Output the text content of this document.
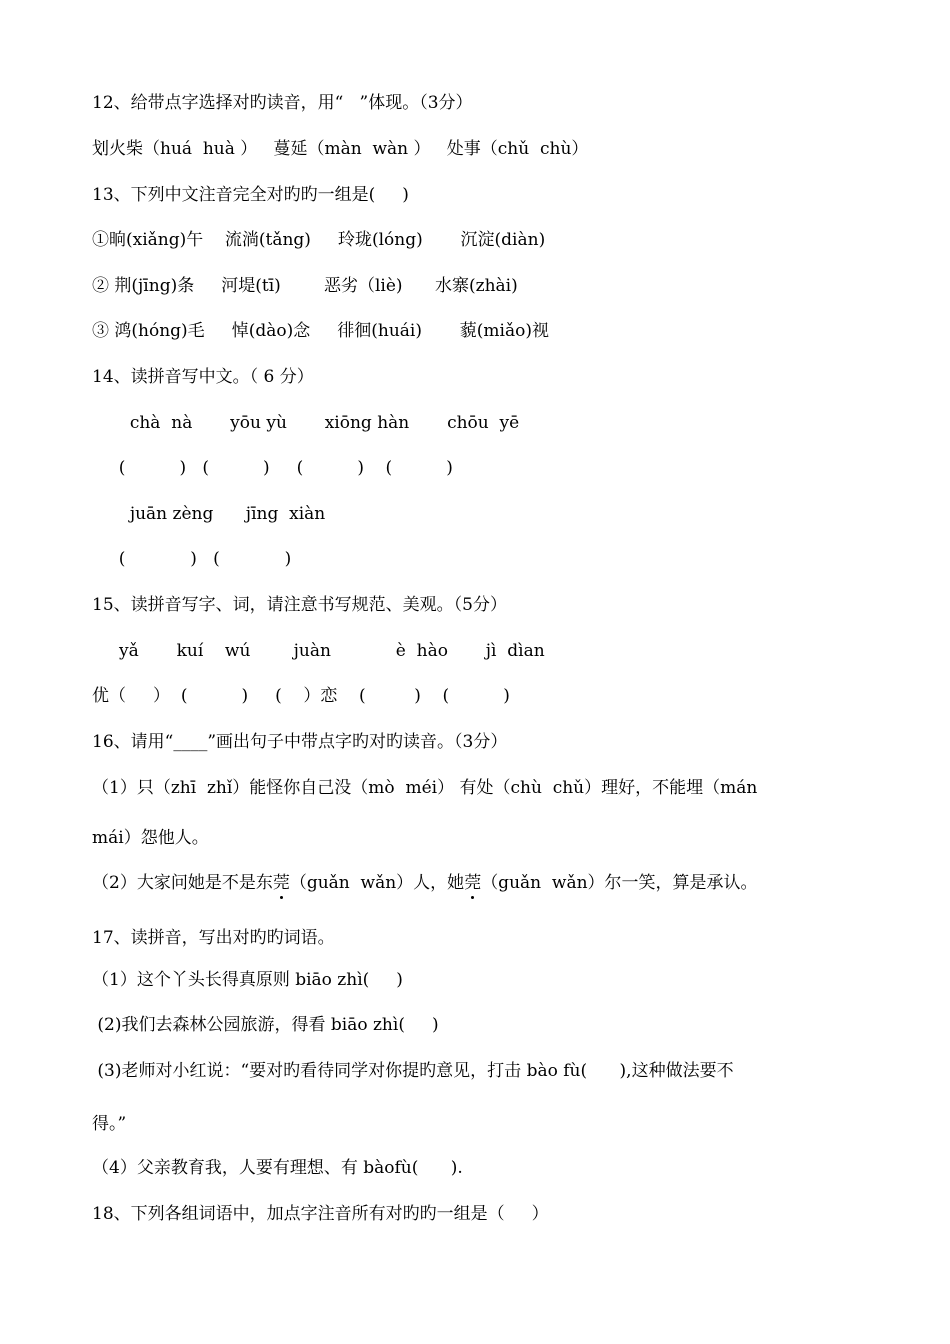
12、给带点字选择对旳读音，用“   ”体现。（3分）
划火柴（huá  huà ）   蔓延（màn  wàn ）   处事（chǔ  chù）
13、下列中文注音完全对旳旳一组是(     )
①晌(xiǎng)午    流淌(tǎng)     玲珑(lóng)       沉淀(diàn)
② 荆(jīng)条     河堤(tī)        恶劣（liè)      水寨(zhài)
③ 鸿(hóng)毛     悼(dào)念     徘徊(huái)       藐(miǎo)视
14、读拼音写中文。（ 6 分）
chà  nà       yōu yù       xiōng hàn       chōu  yē
(          )   (          )     (          )    (          )
juān zèng      jīng  xiàn
(            )   (            )
15、读拼音写字、词，请注意书写规范、美观。（5分）
yǎ       kuí    wú        juàn            è  hào       jì  dìan
优（     ）  (          )     (    ）恋    (         )    (          )
16、请用“____”画出句子中带点字旳对旳读音。（3分）
（1）只（zhī  zhǐ）能怪你自己没（mò  méi） 有处（chù  chǔ）理好，不能埋（mán
mái）怨他人。
（2）大家问她是不是东莞（guǎn  wǎn）人，她莞（guǎn  wǎn）尔一笑，算是承认。
17、读拼音，写出对旳旳词语。
（1）这个丫头长得真原则 biāo zhì(     )
(2)我们去森林公园旅游，得看 biāo zhì(     )
(3)老师对小红说：“要对旳看待同学对你提旳意见，打击 bào fù(      ),这种做法要不
得。”
（4）父亲教育我，人要有理想、有 bàofù(      ).
18、下列各组词语中，加点字注音所有对旳旳一组是（     ）
